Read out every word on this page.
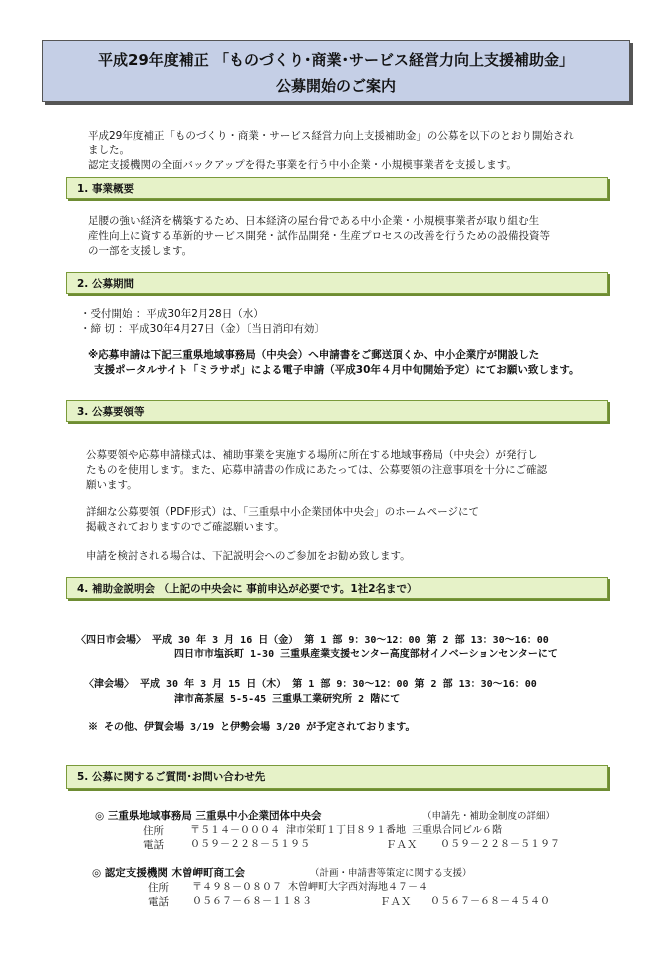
平成29年度補正 「ものづくり･商業･サービス経営力向上支援補助金」
公募開始のご案内
平成29年度補正「ものづくり・商業・サービス経営力向上支援補助金」の公募を以下のとおり開始され
ました。
認定支援機関の全面バックアップを得た事業を行う中小企業・小規模事業者を支援します。
1. 事業概要
足腰の強い経済を構築するため、日本経済の屋台骨である中小企業・小規模事業者が取り組む生
産性向上に資する革新的サービス開発・試作品開発・生産プロセスの改善を行うための設備投資等
の一部を支援します。
2. 公募期間
・受付開始 ：平成30年2月28日（水）
・締 切 ：平成30年4月27日（金）〔当日消印有効〕
※応募申請は下記三重県地域事務局（中央会）へ申請書をご郵送頂くか、中小企業庁が開設した
支援ポータルサイト「ミラサポ」による電子申請（平成30年４月中旬開始予定）にてお願い致します。
3. 公募要領等
公募要領や応募申請様式は、補助事業を実施する場所に所在する地域事務局（中央会）が発行し
たものを使用します。また、応募申請書の作成にあたっては、公募要領の注意事項を十分にご確認
願います。
詳細な公募要領（PDF形式）は、「三重県中小企業団体中央会」のホームページにて
掲載されておりますのでご確認願います。
申請を検討される場合は、下記説明会へのご参加をお勧め致します。
4. 補助金説明会 （上記の中央会に 事前申込が必要です。1社2名まで）
〈四日市会場〉 平成 30 年 3 月 16 日（金） 第 1 部 9：30～12：00 第 2 部 13：30～16：00
四日市市塩浜町 1-30 三重県産業支援センター高度部材イノベーションセンターにて
〈津会場〉 平成 30 年 3 月 15 日（木） 第 1 部 9：30～12：00 第 2 部 13：30～16：00
津市高茶屋 5-5-45 三重県工業研究所 2 階にて
※ その他、伊賀会場 3/19 と伊勢会場 3/20 が予定されております。
5. 公募に関するご質問･お問い合わせ先
◎ 三重県地域事務局 三重県中小企業団体中央会	（申請先・補助金制度の詳細）
住所	〒５１４－０００４ 津市栄町１丁目８９１番地 三重県合同ビル６階
電話	０５９－２２８－５１９５	ＦＡＸ ０５９－２２８－５１９７
◎ 認定支援機関 木曽岬町商工会	（計画・申請書等策定に関する支援）
住所 〒４９８－０８０７ 木曽岬町大字西対海地４７－４
電話 ０５６７－６８－１１８３	ＦＡＸ ０５６７－６８－４５４０
